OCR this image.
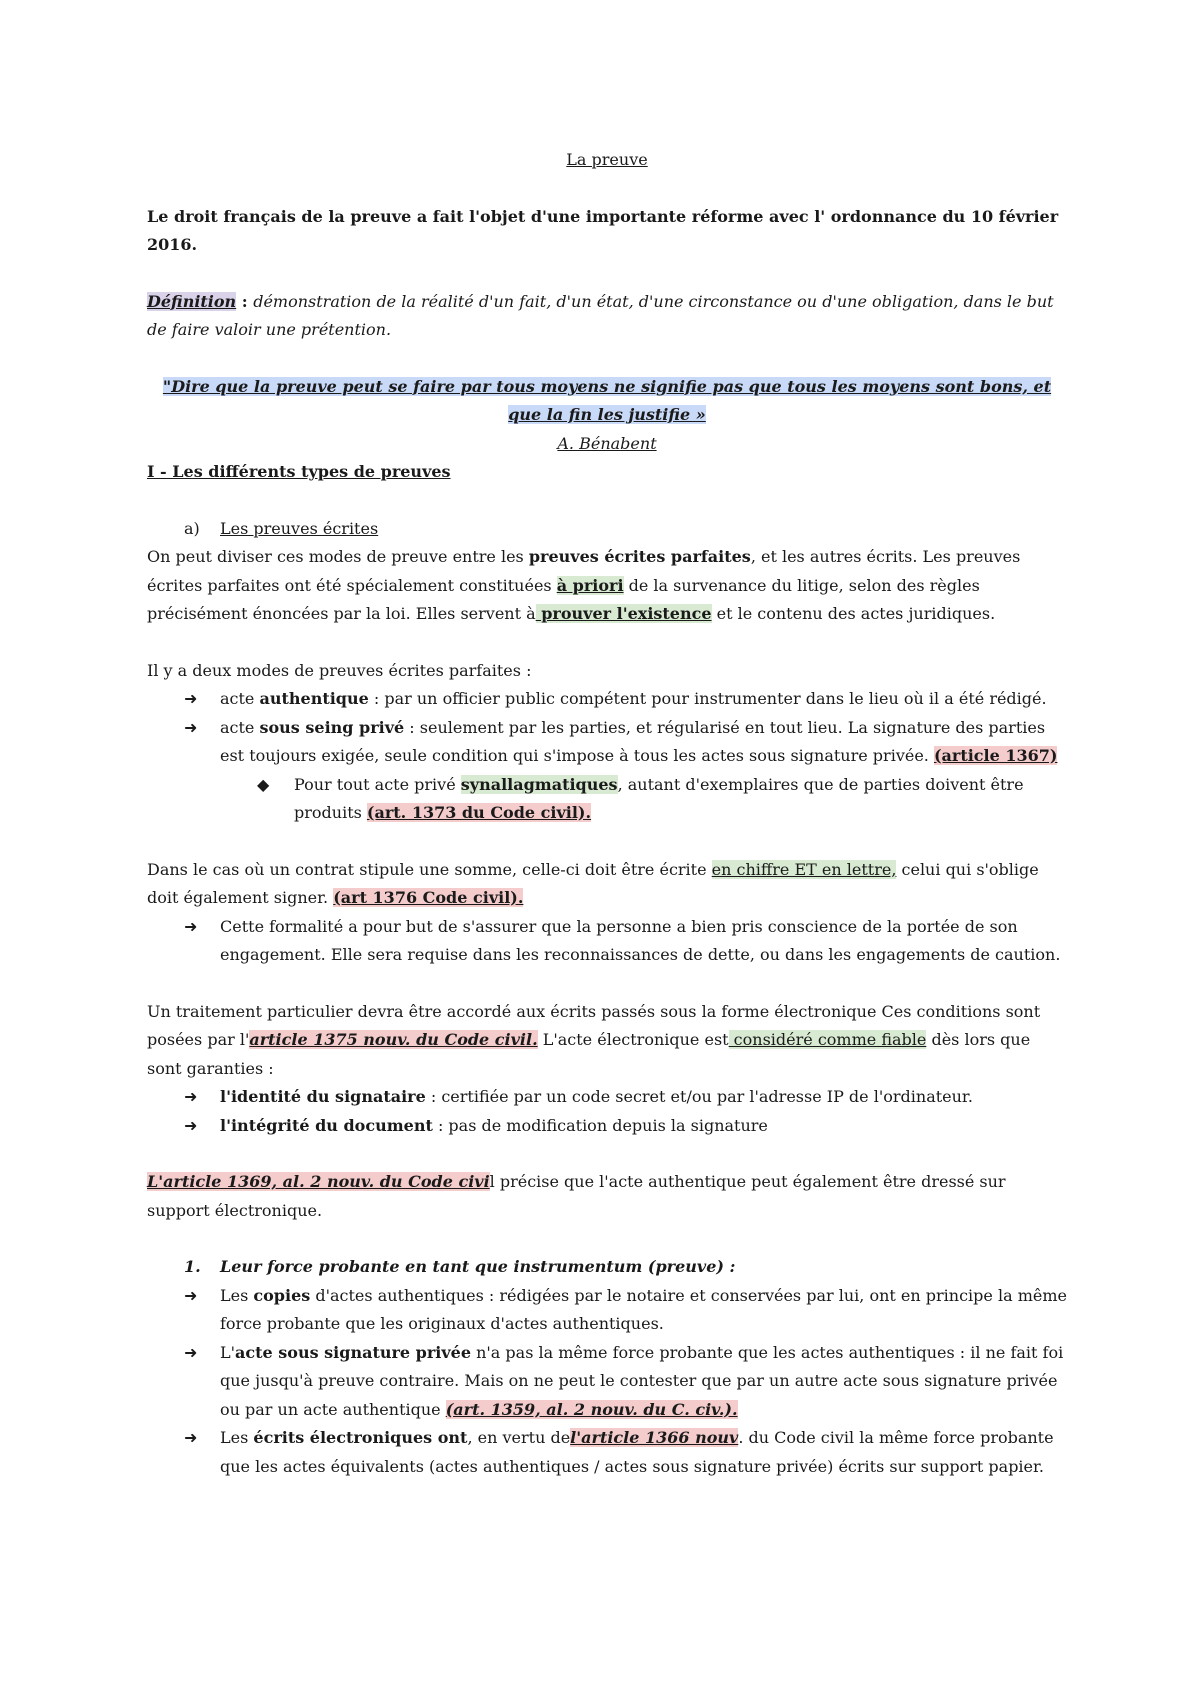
La preuve

Le droit français de la preuve a fait l'objet d'une importante réforme avec l' ordonnance du 10 février 2016.

Définition : démonstration de la réalité d'un fait, d'un état, d'une circonstance ou d'une obligation, dans le but de faire valoir une prétention.

"Dire que la preuve peut se faire par tous moyens ne signifie pas que tous les moyens sont bons, et que la fin les justifie »

A. Bénabent

I - Les différents types de preuves

a) Les preuves écrites

On peut diviser ces modes de preuve entre les preuves écrites parfaites, et les autres écrits. Les preuves écrites parfaites ont été spécialement constituées à priori de la survenance du litige, selon des règles précisément énoncées par la loi. Elles servent à prouver l'existence et le contenu des actes juridiques.

Il y a deux modes de preuves écrites parfaites :

➜ acte authentique : par un officier public compétent pour instrumenter dans le lieu où il a été rédigé.

➜ acte sous seing privé : seulement par les parties, et régularisé en tout lieu. La signature des parties est toujours exigée, seule condition qui s'impose à tous les actes sous signature privée. (article 1367)

◆ Pour tout acte privé synallagmatiques, autant d'exemplaires que de parties doivent être produits (art. 1373 du Code civil).

Dans le cas où un contrat stipule une somme, celle-ci doit être écrite en chiffre ET en lettre, celui qui s'oblige doit également signer. (art 1376 Code civil).

➜ Cette formalité a pour but de s'assurer que la personne a bien pris conscience de la portée de son engagement. Elle sera requise dans les reconnaissances de dette, ou dans les engagements de caution.

Un traitement particulier devra être accordé aux écrits passés sous la forme électronique Ces conditions sont posées par l'article 1375 nouv. du Code civil. L'acte électronique est considéré comme fiable dès lors que sont garanties :

➜ l'identité du signataire : certifiée par un code secret et/ou par l'adresse IP de l'ordinateur.

➜ l'intégrité du document : pas de modification depuis la signature

L'article 1369, al. 2 nouv. du Code civil précise que l'acte authentique peut également être dressé sur support électronique.

1. Leur force probante en tant que instrumentum (preuve) :

➜ Les copies d'actes authentiques : rédigées par le notaire et conservées par lui, ont en principe la même force probante que les originaux d'actes authentiques.

➜ L'acte sous signature privée n'a pas la même force probante que les actes authentiques : il ne fait foi que jusqu'à preuve contraire. Mais on ne peut le contester que par un autre acte sous signature privée ou par un acte authentique (art. 1359, al. 2 nouv. du C. civ.).

➜ Les écrits électroniques ont, en vertu del'article 1366 nouv. du Code civil la même force probante que les actes équivalents (actes authentiques / actes sous signature privée) écrits sur support papier.
